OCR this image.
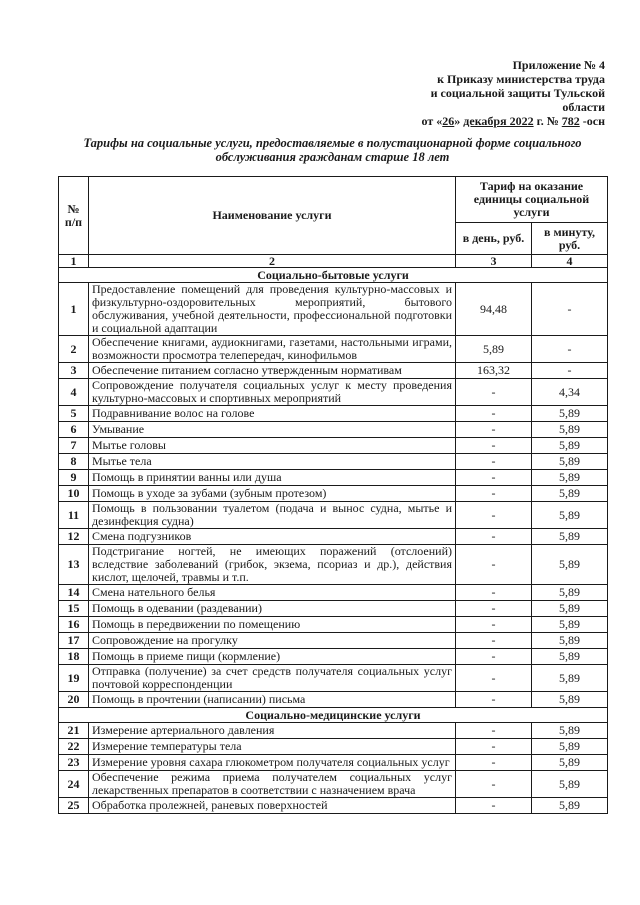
Приложение № 4
к Приказу министерства труда
и социальной защиты Тульской
области
от «26» декабря 2022 г. № 782 -осн
Тарифы на социальные услуги, предоставляемые в полустационарной форме социального обслуживания гражданам старше 18 лет
№ п/п	Наименование услуги	Тариф на оказание единицы социальной услуги	
		в день, руб.	в минуту, руб.
1	2	3	4
Социально-бытовые услуги			
1	Предоставление помещений для проведения культурно-массовых и физкультурно-оздоровительных мероприятий, бытового обслуживания, учебной деятельности, профессиональной подготовки и социальной адаптации	94,48	-
2	Обеспечение книгами, аудиокнигами, газетами, настольными играми, возможности просмотра телепередач, кинофильмов	5,89	-
3	Обеспечение питанием согласно утвержденным нормативам	163,32	-
4	Сопровождение получателя социальных услуг к месту проведения культурно-массовых и спортивных мероприятий	-	4,34
5	Подравнивание волос на голове	-	5,89
6	Умывание	-	5,89
7	Мытье головы	-	5,89
8	Мытье тела	-	5,89
9	Помощь в принятии ванны или душа	-	5,89
10	Помощь в уходе за зубами (зубным протезом)	-	5,89
11	Помощь в пользовании туалетом (подача и вынос судна, мытье и дезинфекция судна)	-	5,89
12	Смена подгузников	-	5,89
13	Подстригание ногтей, не имеющих поражений (отслоений) вследствие заболеваний (грибок, экзема, псориаз и др.), действия кислот, щелочей, травмы и т.п.	-	5,89
14	Смена нательного белья	-	5,89
15	Помощь в одевании (раздевании)	-	5,89
16	Помощь в передвижении по помещению	-	5,89
17	Сопровождение на прогулку	-	5,89
18	Помощь в приеме пищи (кормление)	-	5,89
19	Отправка (получение) за счет средств получателя социальных услуг почтовой корреспонденции	-	5,89
20	Помощь в прочтении (написании) письма	-	5,89
Социально-медицинские услуги			
21	Измерение артериального давления	-	5,89
22	Измерение температуры тела	-	5,89
23	Измерение уровня сахара глюкометром получателя социальных услуг	-	5,89
24	Обеспечение режима приема получателем социальных услуг лекарственных препаратов в соответствии с назначением врача	-	5,89
25	Обработка пролежней, раневых поверхностей	-	5,89
